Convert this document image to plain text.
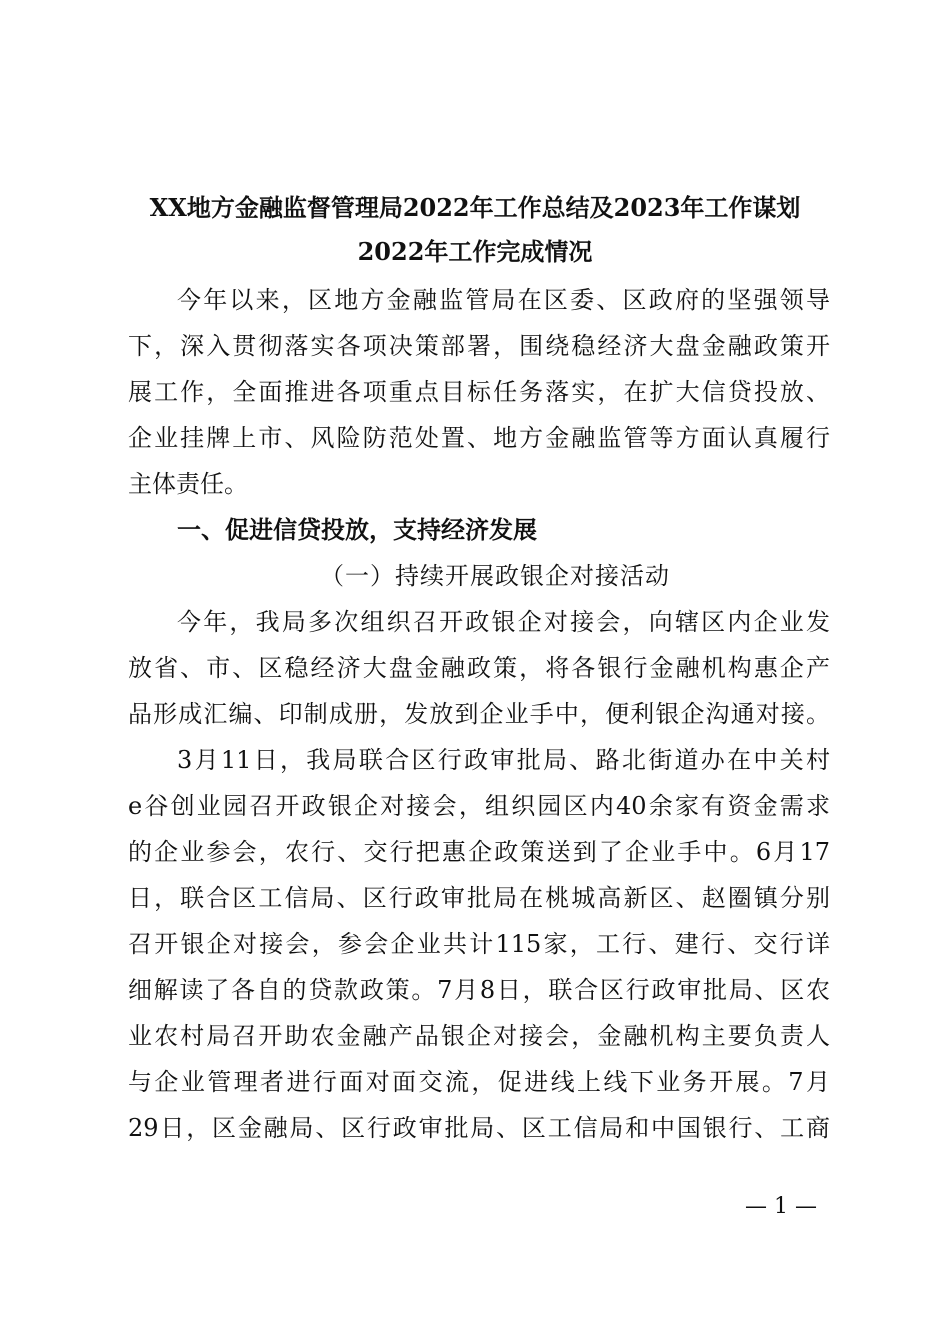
XX地方金融监督管理局2022年工作总结及2023年工作谋划
2022年工作完成情况
今年以来，区地方金融监管局在区委、区政府的坚强领导
下，深入贯彻落实各项决策部署，围绕稳经济大盘金融政策开
展工作，全面推进各项重点目标任务落实，在扩大信贷投放、
企业挂牌上市、风险防范处置、地方金融监管等方面认真履行
主体责任。
一、促进信贷投放，支持经济发展
（一）持续开展政银企对接活动
今年，我局多次组织召开政银企对接会，向辖区内企业发
放省、市、区稳经济大盘金融政策，将各银行金融机构惠企产
品形成汇编、印制成册，发放到企业手中，便利银企沟通对接。
3月11日，我局联合区行政审批局、路北街道办在中关村
e谷创业园召开政银企对接会，组织园区内40余家有资金需求
的企业参会，农行、交行把惠企政策送到了企业手中。6月17
日，联合区工信局、区行政审批局在桃城高新区、赵圈镇分别
召开银企对接会，参会企业共计115家，工行、建行、交行详
细解读了各自的贷款政策。7月8日，联合区行政审批局、区农
业农村局召开助农金融产品银企对接会，金融机构主要负责人
与企业管理者进行面对面交流，促进线上线下业务开展。7月
29日，区金融局、区行政审批局、区工信局和中国银行、工商
— 1 —
